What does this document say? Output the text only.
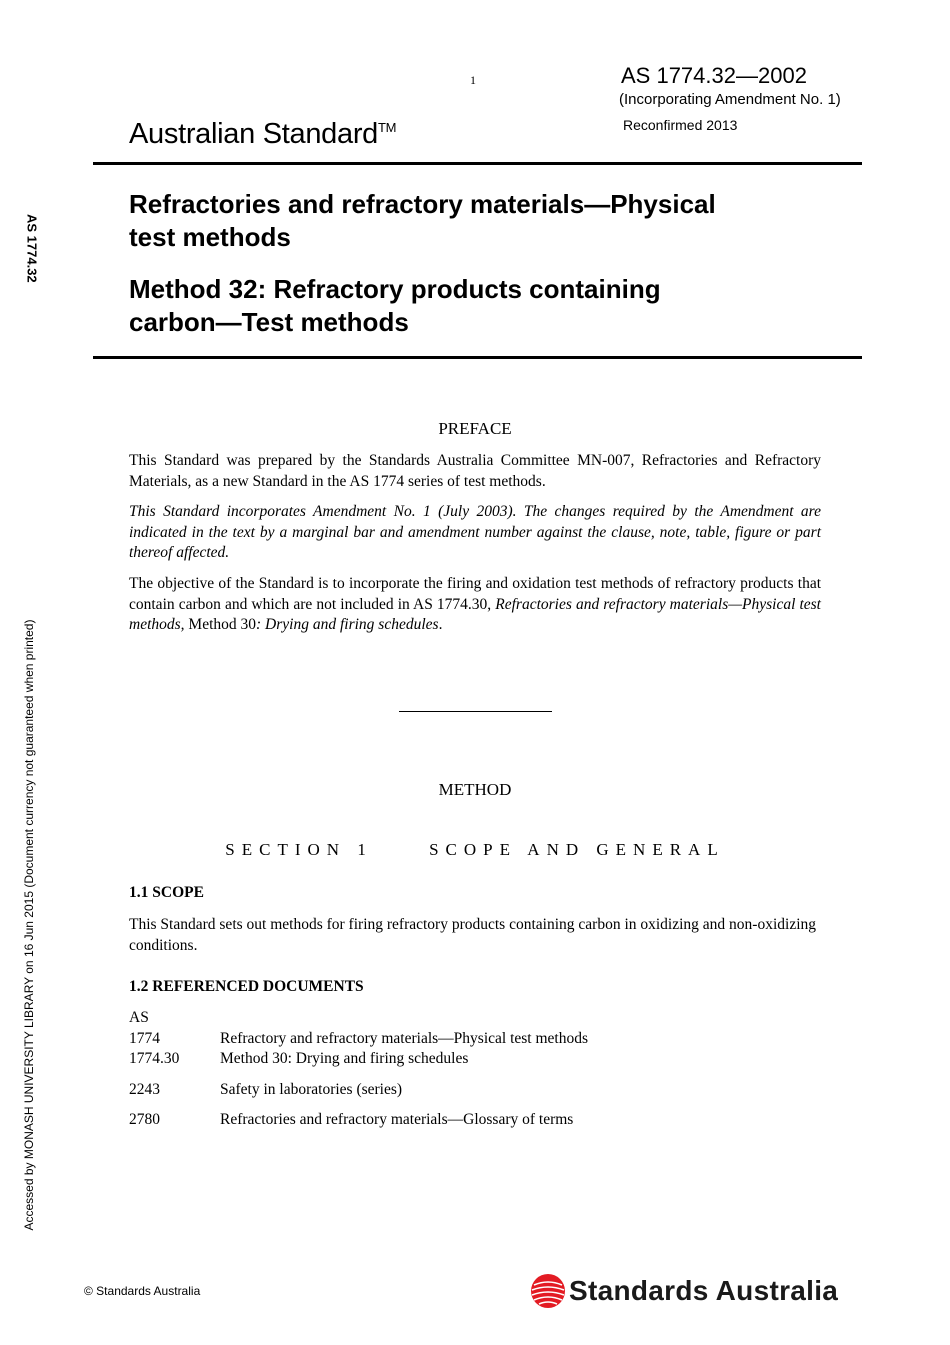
1	AS 1774.32—2002
(Incorporating Amendment No. 1)
Reconfirmed 2013
Australian Standard™
AS 1774.32
Accessed by MONASH UNIVERSITY LIBRARY on 16 Jun 2015 (Document currency not guaranteed when printed)
Refractories and refractory materials—Physical
test methods
Method 32: Refractory products containing
carbon—Test methods
PREFACE
This Standard was prepared by the Standards Australia Committee MN-007, Refractories and Refractory Materials, as a new Standard in the AS 1774 series of test methods.
This Standard incorporates Amendment No. 1 (July 2003). The changes required by the Amendment are indicated in the text by a marginal bar and amendment number against the clause, note, table, figure or part thereof affected.
The objective of the Standard is to incorporate the firing and oxidation test methods of refractory products that contain carbon and which are not included in AS 1774.30, Refractories and refractory materials—Physical test methods, Method 30: Drying and firing schedules.
METHOD
SECTION 1     SCOPE AND GENERAL
1.1 SCOPE
This Standard sets out methods for firing refractory products containing carbon in oxidizing and non-oxidizing conditions.
1.2 REFERENCED DOCUMENTS
AS
1774	Refractory and refractory materials—Physical test methods
1774.30	Method 30: Drying and firing schedules
2243	Safety in laboratories (series)
2780	Refractories and refractory materials—Glossary of terms
© Standards Australia	Standards Australia
